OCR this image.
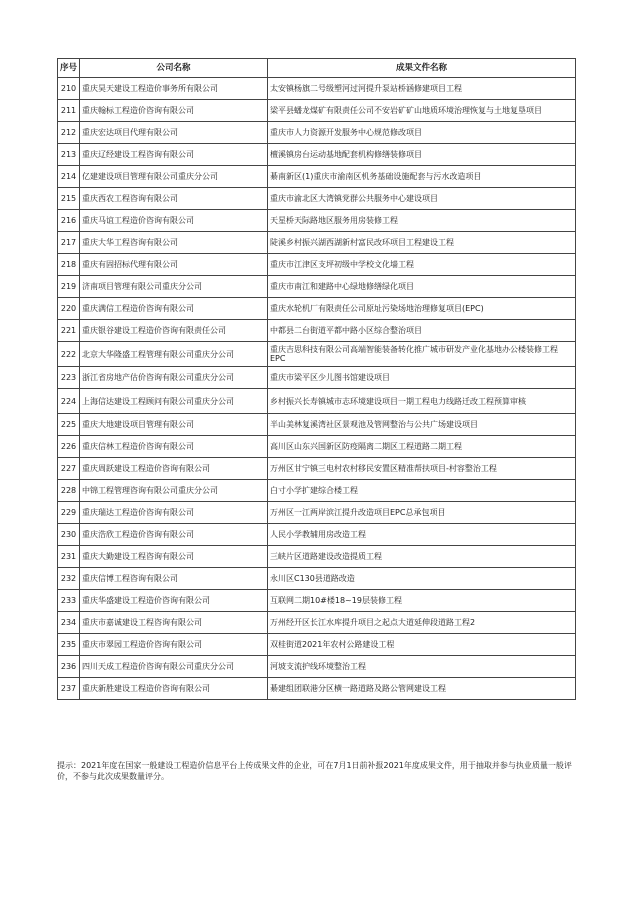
序号	公司名称	成果文件名称
210	重庆昊天建设工程造价事务所有限公司	太安镇杨旗二号级塑河过河提升泵站桥涵修建项目工程
211	重庆翰标工程造价咨询有限公司	梁平县蟠龙煤矿有限责任公司不安岩矿矿山地质环境治理恢复与土地复垦项目
212	重庆宏达项目代理有限公司	重庆市人力资源开发服务中心规范修改项目
213	重庆辽经建设工程咨询有限公司	檀溪镇房台运动基地配套机构修缮装修项目
214	亿建建设项目管理有限公司重庆分公司	綦南新区(1)重庆市渝南区机务基础设施配套与污水改造项目
215	重庆西农工程咨询有限公司	重庆市渝北区大湾镇党群公共服务中心建设项目
216	重庆马谊工程造价咨询有限公司	天星桥天际路地区服务用房装修工程
217	重庆大华工程咨询有限公司	陡溪乡村振兴湖西湖新村富民改环项目工程建设工程
218	重庆有固招标代理有限公司	重庆市江津区支坪初级中学校文化墙工程
219	济南项目管理有限公司重庆分公司	重庆市南江和建路中心绿地修缮绿化项目
220	重庆满信工程造价咨询有限公司	重庆水轮机厂有限责任公司原址污染场地治理修复项目(EPC)
221	重庆银谷建设工程造价咨询有限责任公司	中都县二台街道平都中路小区综合整治项目
222	北京大华隆盛工程管理有限公司重庆分公司	重庆吉思科技有限公司高端智能装备转化推广城市研发产业化基地办公楼装修工程EPC
223	浙江省房地产估价咨询有限公司重庆分公司	重庆市梁平区少儿图书馆建设项目
224	上海信达建设工程顾问有限公司重庆分公司	乡村振兴长寿镇城市志环境建设项目一期工程电力线路迁改工程预算审核
225	重庆大地建设项目管理有限公司	半山美林复溪湾社区景观池及管网整治与公共广场建设项目
226	重庆信林工程造价咨询有限公司	高川区山东兴国新区防疫隔离二期区工程道路二期工程
227	重庆周跃建设工程造价咨询有限公司	万州区甘宁镇三电村农村移民安置区精准帮扶项目-村容整治工程
228	中锦工程管理咨询有限公司重庆分公司	白寸小学扩建综合楼工程
229	重庆瑞达工程造价咨询有限公司	万州区一江两岸滨江提升改造项目EPC总承包项目
230	重庆浩欣工程造价咨询有限公司	人民小学教辅用房改造工程
231	重庆大勤建设工程咨询有限公司	三峡片区道路建设改造提质工程
232	重庆信博工程咨询有限公司	永川区C130县道路改造
233	重庆华盛建设工程造价咨询有限公司	互联网二期10#楼18~19层装修工程
234	重庆市嘉诚建设工程咨询有限公司	万州经开区长江水库提升项目之起点大道延伸段道路工程2
235	重庆市翠园工程造价咨询有限公司	双桂街道2021年农村公路建设工程
236	四川天成工程造价咨询有限公司重庆分公司	河坡支流护线环境整治工程
237	重庆新胜建设工程造价咨询有限公司	綦建组团联港分区横一路道路及路公管网建设工程
提示：2021年度在国家一般建设工程造价信息平台上传成果文件的企业，可在7月1日前补报2021年度成果文件，用于抽取并参与执业质量一般评价，不参与此次成果数量评分。
